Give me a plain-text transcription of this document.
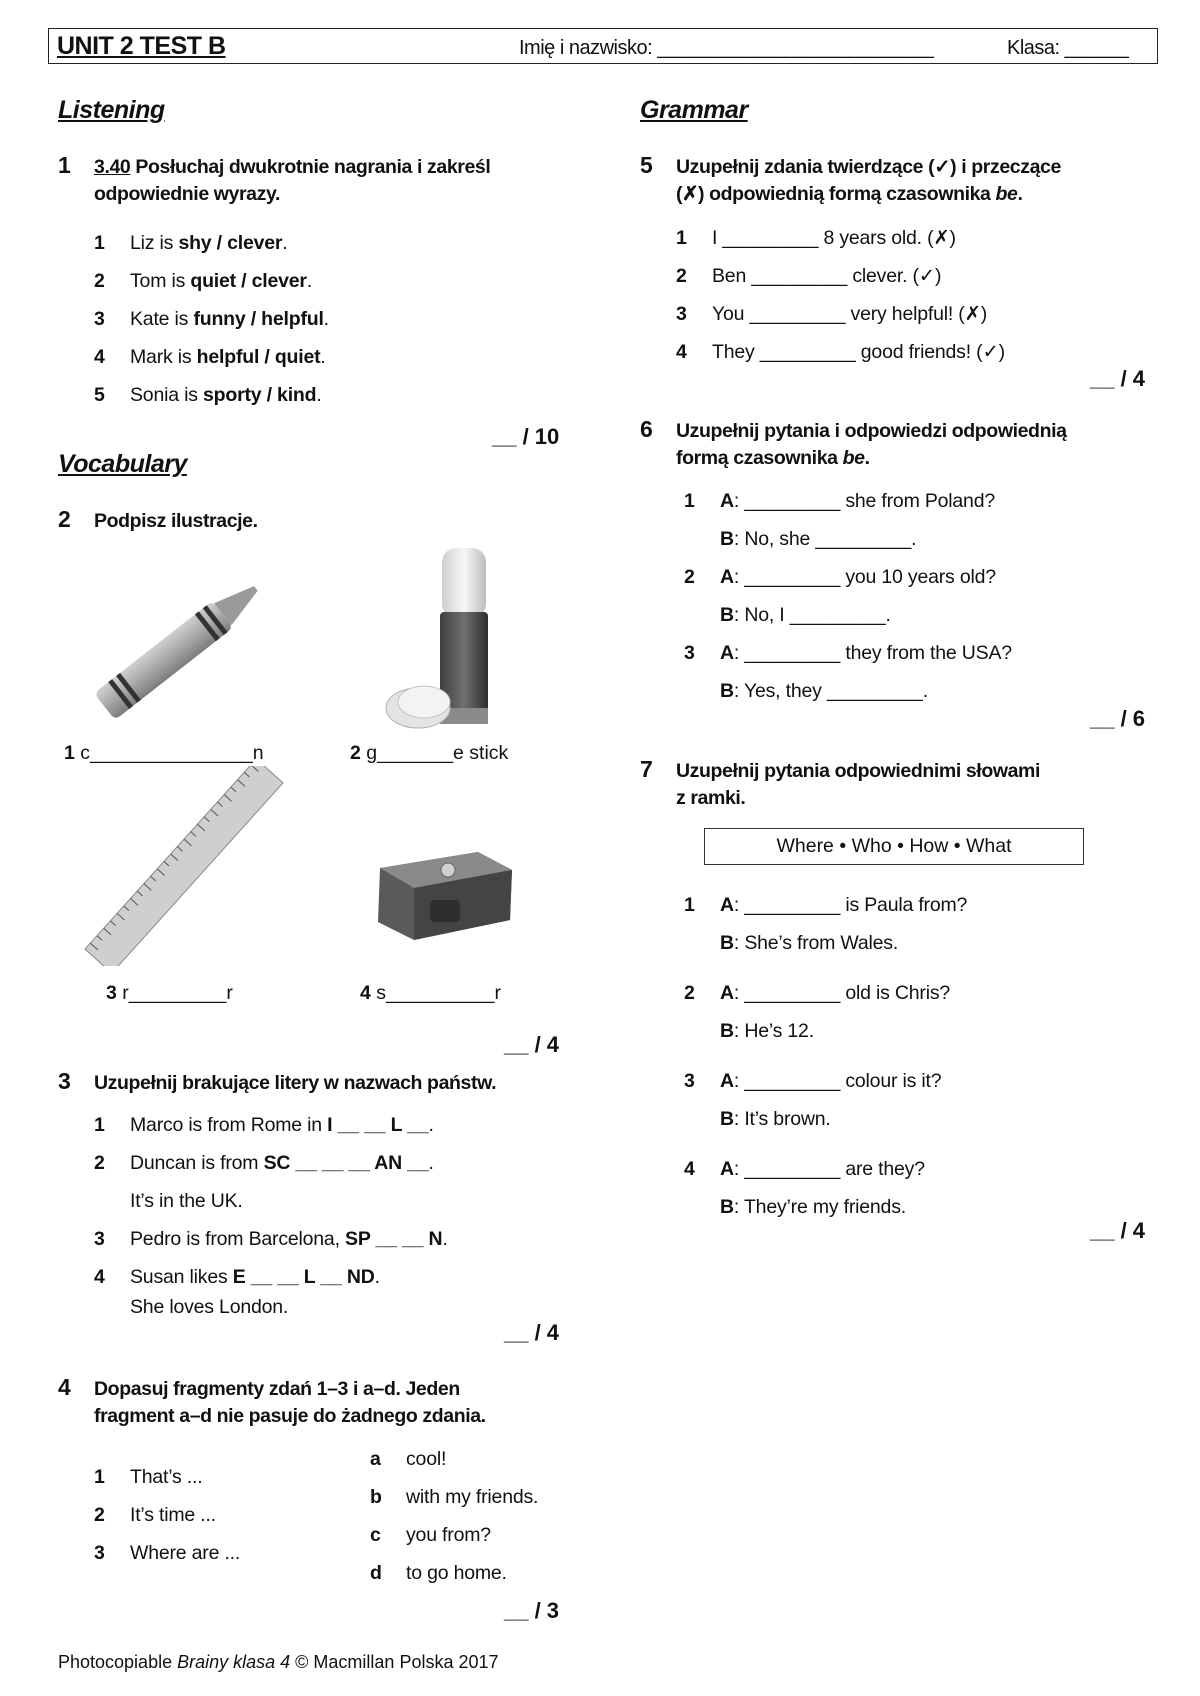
UNIT 2 TEST B	Imię i nazwisko: __________________________	Klasa: ______
Listening
1 3.40 Posłuchaj dwukrotnie nagrania i zakreśl
odpowiednie wyrazy.
1 Liz is shy / clever.
2 Tom is quiet / clever.
3 Kate is funny / helpful.
4 Mark is helpful / quiet.
5 Sonia is sporty / kind.
__ / 10
Vocabulary
2 Podpisz ilustracje.
1 c_______________n	2 g_______e stick
3 r_________r	4 s__________r
__ / 4
3 Uzupełnij brakujące litery w nazwach państw.
1 Marco is from Rome in I __ __ L __.
2 Duncan is from SC __ __ __ AN __.
It’s in the UK.
3 Pedro is from Barcelona, SP __ __ N.
4 Susan likes E __ __ L __ ND.
She loves London.
__ / 4
4 Dopasuj fragmenty zdań 1–3 i a–d. Jeden
fragment a–d nie pasuje do żadnego zdania.
1 That’s ...
2 It’s time ...
3 Where are ...
a cool!
b with my friends.
c you from?
d to go home.
__ / 3
Grammar
5 Uzupełnij zdania twierdzące (✓) i przeczące
(✗) odpowiednią formą czasownika be.
1 I _________ 8 years old. (✗)
2 Ben _________ clever. (✓)
3 You _________ very helpful! (✗)
4 They _________ good friends! (✓)
__ / 4
6 Uzupełnij pytania i odpowiedzi odpowiednią
formą czasownika be.
1 A: _________ she from Poland?
B: No, she _________.
2 A: _________ you 10 years old?
B: No, I _________.
3 A: _________ they from the USA?
B: Yes, they _________.
__ / 6
7 Uzupełnij pytania odpowiednimi słowami
z ramki.
Where • Who • How • What
1 A: _________ is Paula from?
B: She’s from Wales.
2 A: _________ old is Chris?
B: He’s 12.
3 A: _________ colour is it?
B: It’s brown.
4 A: _________ are they?
B: They’re my friends.
__ / 4
Photocopiable Brainy klasa 4 © Macmillan Polska 2017
